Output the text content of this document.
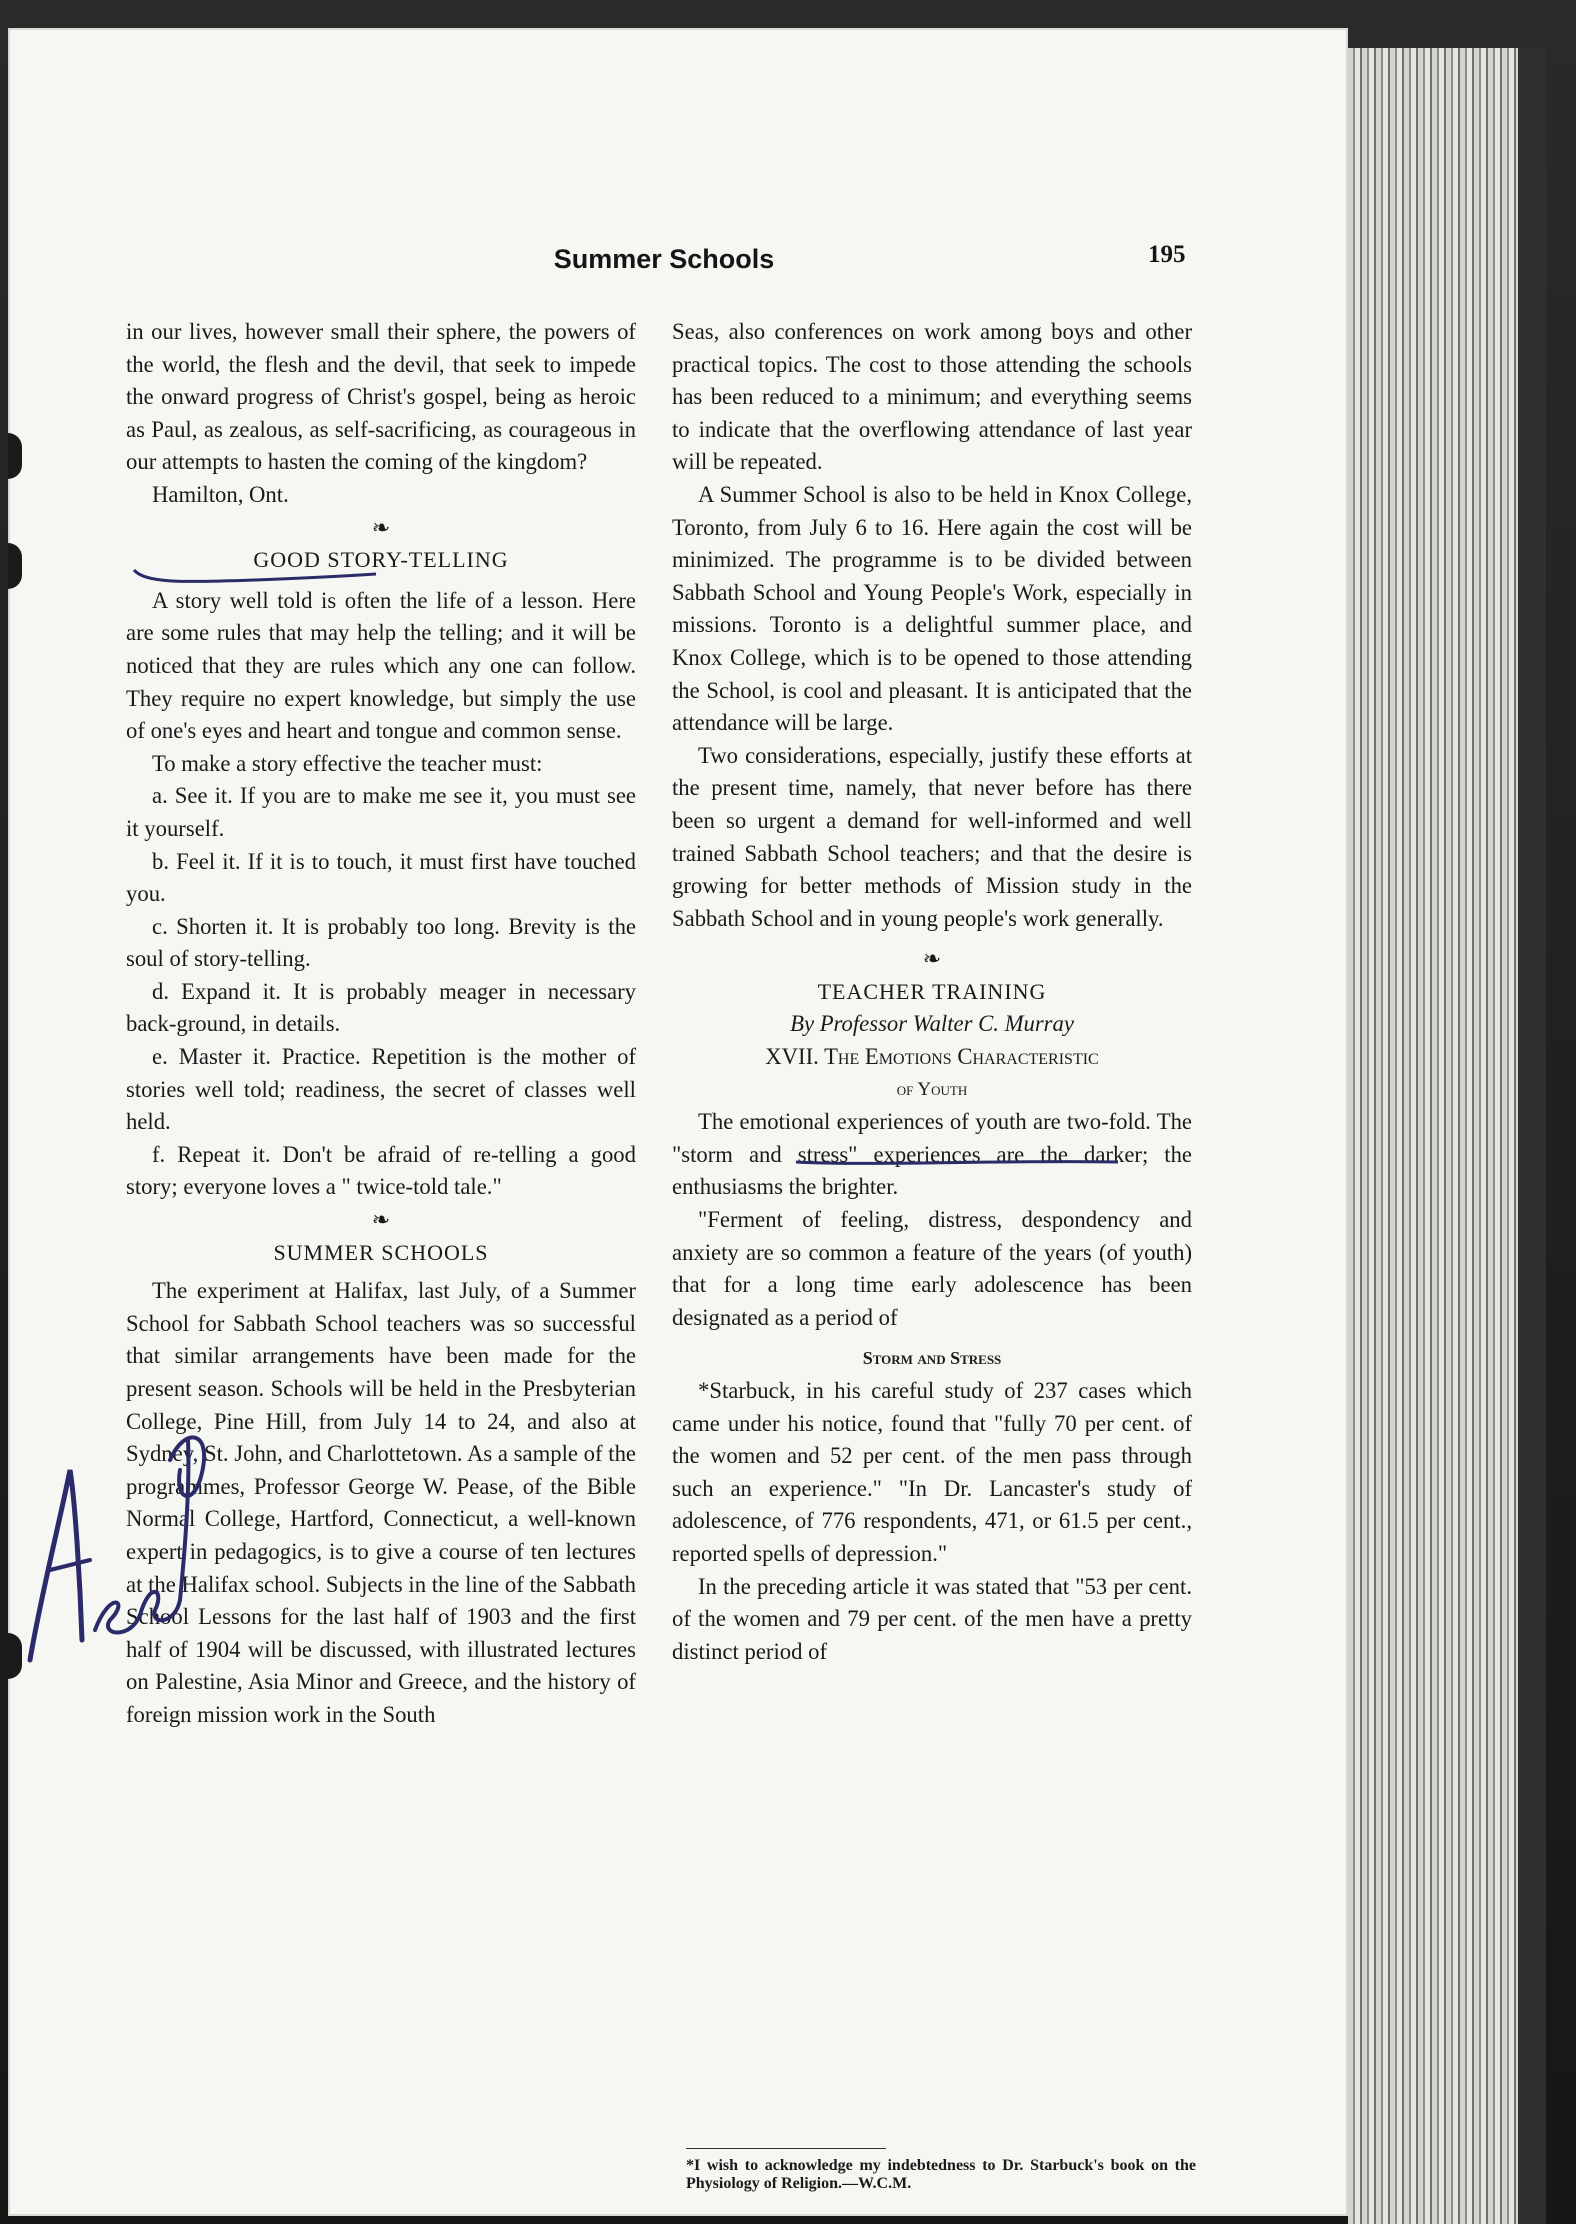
Summer Schools	195

in our lives, however small their sphere, the powers of the world, the flesh and the devil, that seek to impede the onward progress of Christ's gospel, being as heroic as Paul, as zealous, as self-sacrificing, as courageous in our attempts to hasten the coming of the kingdom?

Hamilton, Ont.

❧

GOOD STORY-TELLING

A story well told is often the life of a lesson. Here are some rules that may help the telling; and it will be noticed that they are rules which any one can follow. They require no expert knowledge, but simply the use of one's eyes and heart and tongue and common sense.

To make a story effective the teacher must:

a. See it. If you are to make me see it, you must see it yourself.

b. Feel it. If it is to touch, it must first have touched you.

c. Shorten it. It is probably too long. Brevity is the soul of story-telling.

d. Expand it. It is probably meager in necessary back-ground, in details.

e. Master it. Practice. Repetition is the mother of stories well told; readiness, the secret of classes well held.

f. Repeat it. Don't be afraid of re-telling a good story; everyone loves a " twice-told tale."

❧

SUMMER SCHOOLS

The experiment at Halifax, last July, of a Summer School for Sabbath School teachers was so successful that similar arrangements have been made for the present season. Schools will be held in the Presbyterian College, Pine Hill, from July 14 to 24, and also at Sydney, St. John, and Charlottetown. As a sample of the programmes, Professor George W. Pease, of the Bible Normal College, Hartford, Connecticut, a well-known expert in pedagogics, is to give a course of ten lectures at the Halifax school. Subjects in the line of the Sabbath School Lessons for the last half of 1903 and the first half of 1904 will be discussed, with illustrated lectures on Palestine, Asia Minor and Greece, and the history of foreign mission work in the South

Seas, also conferences on work among boys and other practical topics. The cost to those attending the schools has been reduced to a minimum; and everything seems to indicate that the overflowing attendance of last year will be repeated.

A Summer School is also to be held in Knox College, Toronto, from July 6 to 16. Here again the cost will be minimized. The programme is to be divided between Sabbath School and Young People's Work, especially in missions. Toronto is a delightful summer place, and Knox College, which is to be opened to those attending the School, is cool and pleasant. It is anticipated that the attendance will be large.

Two considerations, especially, justify these efforts at the present time, namely, that never before has there been so urgent a demand for well-informed and well trained Sabbath School teachers; and that the desire is growing for better methods of Mission study in the Sabbath School and in young people's work generally.

❧

TEACHER TRAINING

By Professor Walter C. Murray

XVII. The Emotions Characteristic

of Youth

The emotional experiences of youth are two-fold. The "storm and stress" experiences are the darker; the enthusiasms the brighter.

"Ferment of feeling, distress, despondency and anxiety are so common a feature of the years (of youth) that for a long time early adolescence has been designated as a period of

Storm and Stress

*Starbuck, in his careful study of 237 cases which came under his notice, found that "fully 70 per cent. of the women and 52 per cent. of the men pass through such an experience." "In Dr. Lancaster's study of adolescence, of 776 respondents, 471, or 61.5 per cent., reported spells of depression."

In the preceding article it was stated that "53 per cent. of the women and 79 per cent. of the men have a pretty distinct period of

*I wish to acknowledge my indebtedness to Dr. Starbuck's book on the Physiology of Religion.—W.C.M.
